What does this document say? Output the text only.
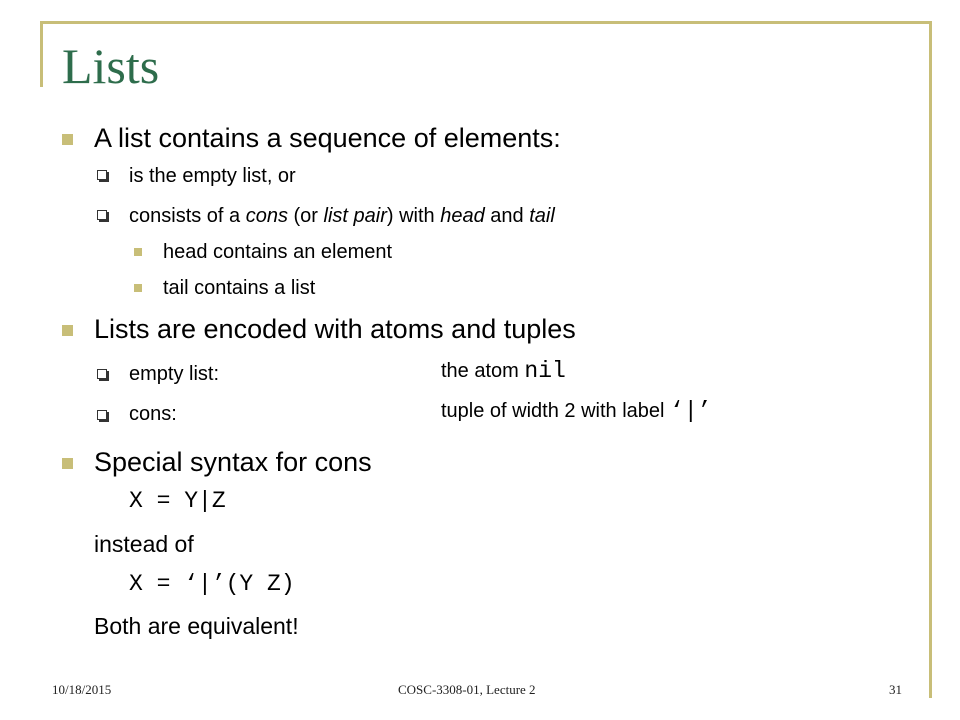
Lists
A list contains a sequence of elements:
is the empty list, or
consists of a cons (or list pair) with head and tail
head contains an element
tail contains a list
Lists are encoded with atoms and tuples
empty list:	the atom nil
cons:	tuple of width 2 with label ‘|’
Special syntax for cons
X = Y|Z
instead of
X = ‘|’(Y Z)
Both are equivalent!
10/18/2015	COSC-3308-01, Lecture 2	31
